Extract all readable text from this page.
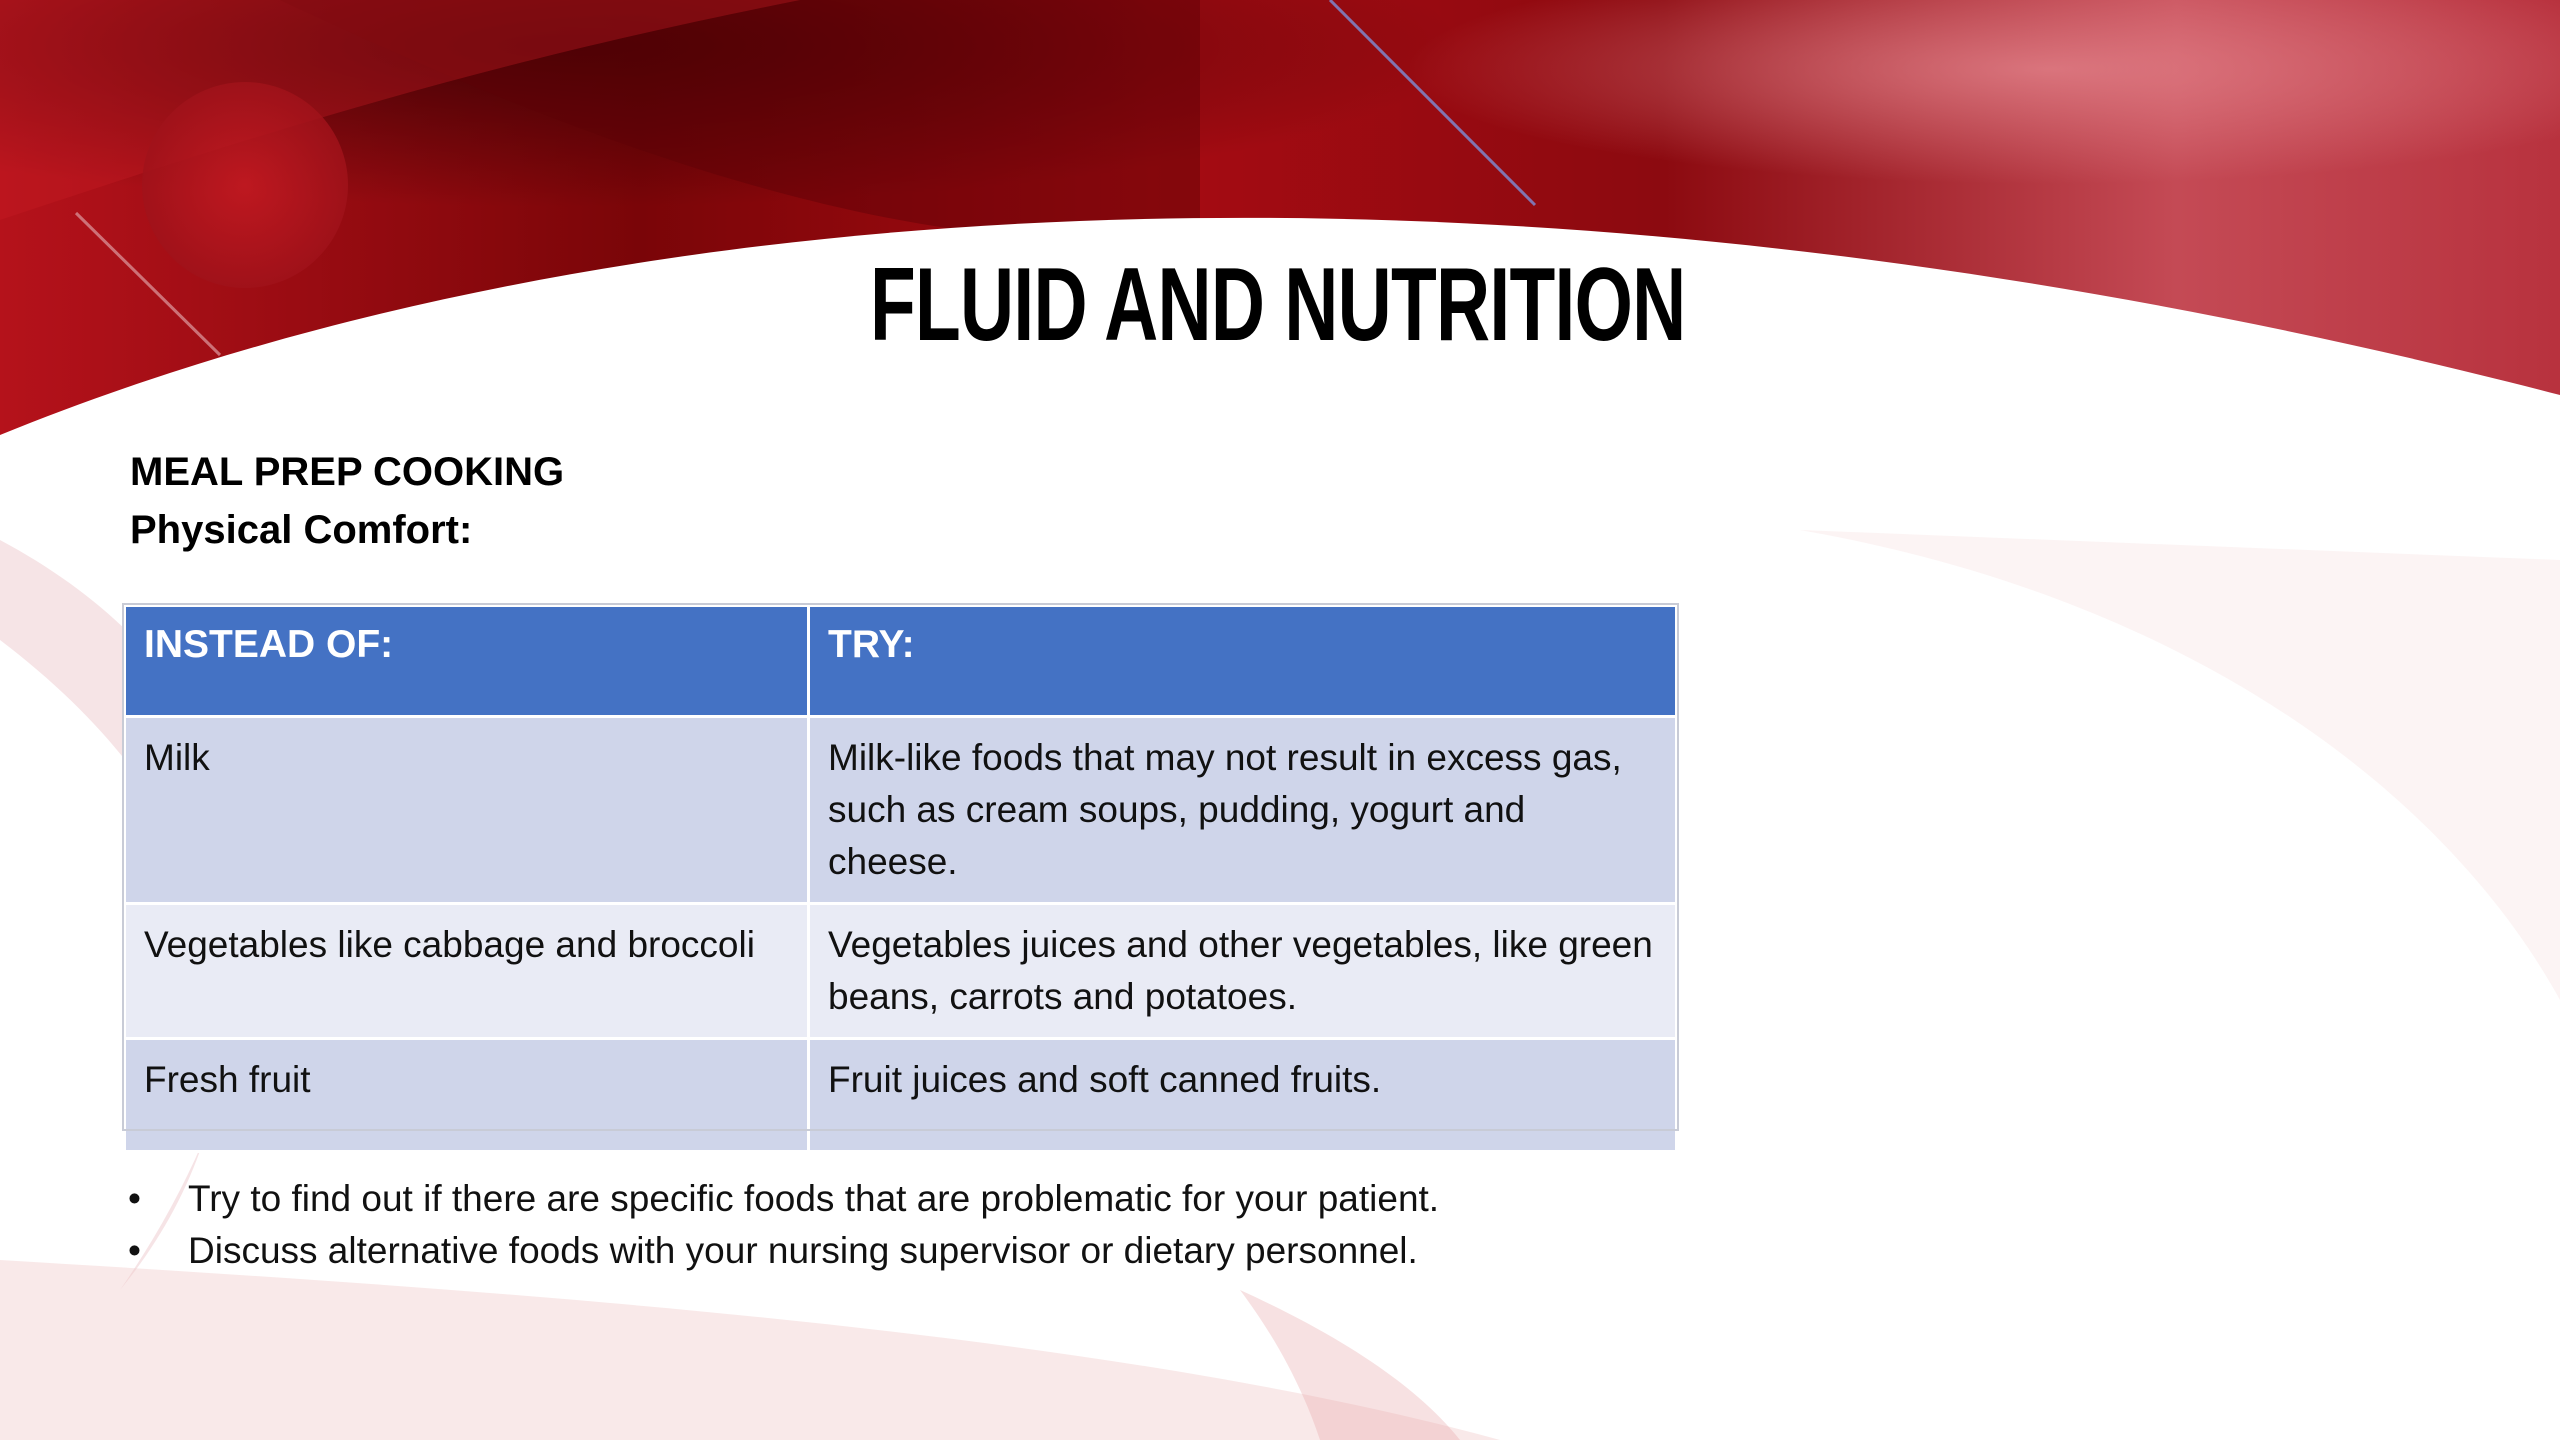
FLUID AND NUTRITION
MEAL PREP COOKING
Physical Comfort:
INSTEAD OF:	TRY:
Milk	Milk-like foods that may not result in excess gas, such as cream soups, pudding, yogurt and cheese.
Vegetables like cabbage and broccoli	Vegetables juices and other vegetables, like green beans, carrots and potatoes.
Fresh fruit	Fruit juices and soft canned fruits.
• Try to find out if there are specific foods that are problematic for your patient.
• Discuss alternative foods with your nursing supervisor or dietary personnel.
